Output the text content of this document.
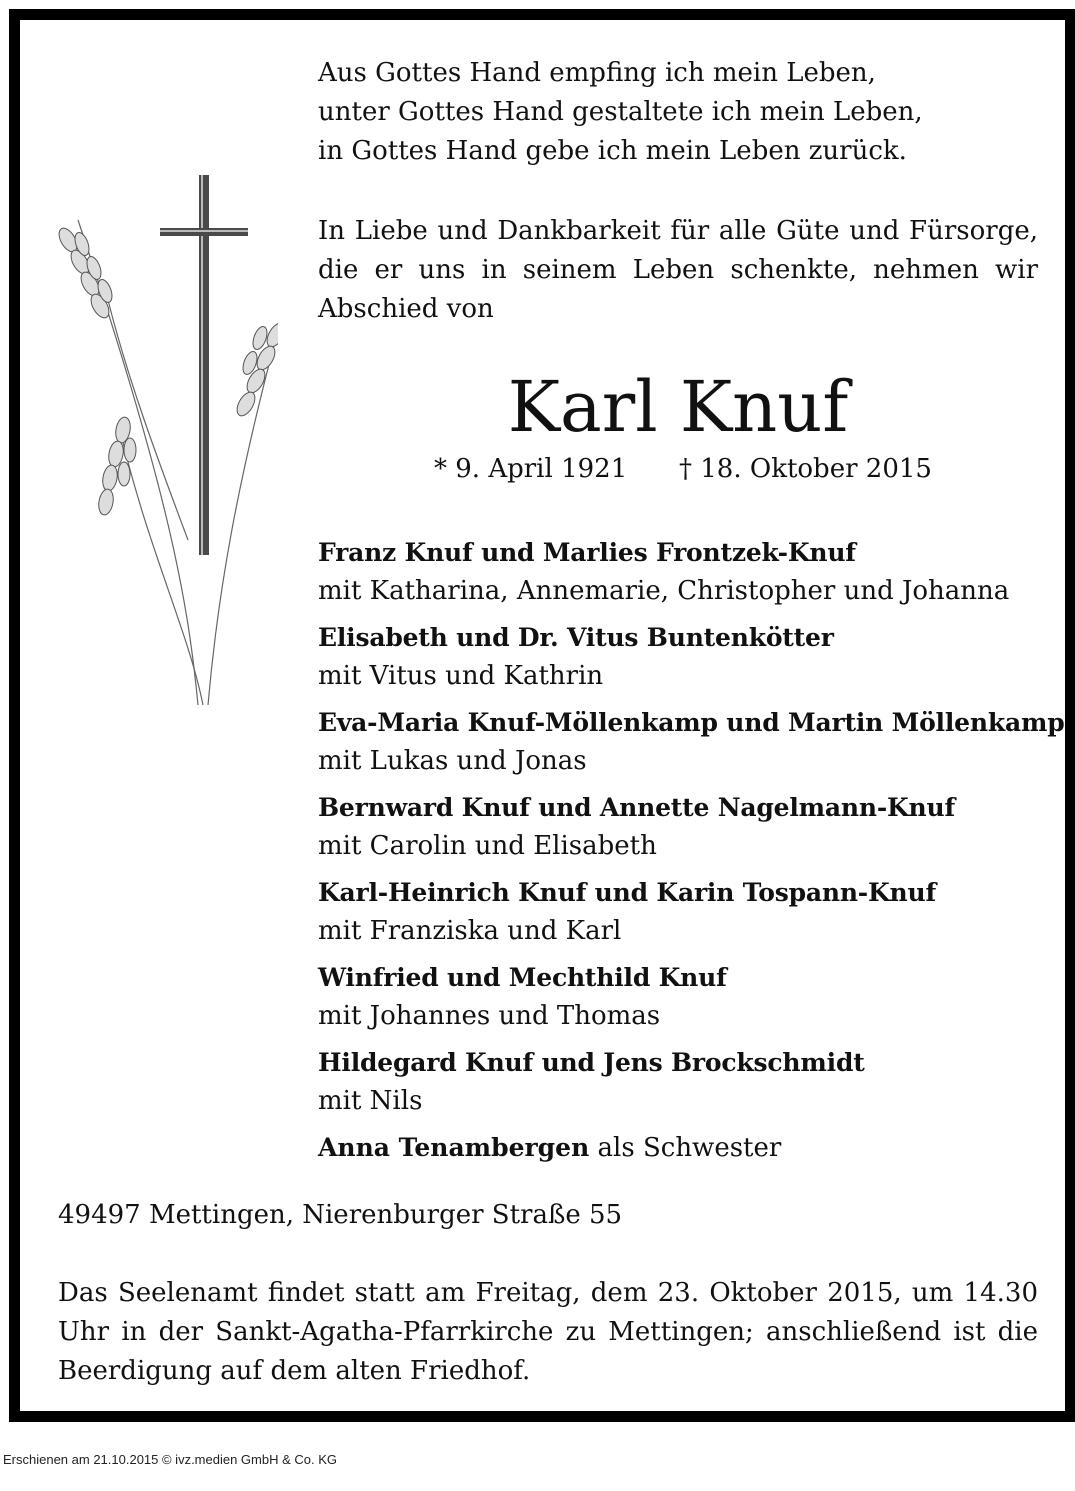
Aus Gottes Hand empfing ich mein Leben,
unter Gottes Hand gestaltete ich mein Leben,
in Gottes Hand gebe ich mein Leben zurück.
In Liebe und Dankbarkeit für alle Güte und Fürsorge, die er uns in seinem Leben schenkte, nehmen wir Abschied von
Karl Knuf
* 9. April 1921 † 18. Oktober 2015
Franz Knuf und Marlies Frontzek-Knuf
mit Katharina, Annemarie, Christopher und Johanna
Elisabeth und Dr. Vitus Buntenkötter
mit Vitus und Kathrin
Eva-Maria Knuf-Möllenkamp und Martin Möllenkamp
mit Lukas und Jonas
Bernward Knuf und Annette Nagelmann-Knuf
mit Carolin und Elisabeth
Karl-Heinrich Knuf und Karin Tospann-Knuf
mit Franziska und Karl
Winfried und Mechthild Knuf
mit Johannes und Thomas
Hildegard Knuf und Jens Brockschmidt
mit Nils
Anna Tenambergen als Schwester
49497 Mettingen, Nierenburger Straße 55
Das Seelenamt findet statt am Freitag, dem 23. Oktober 2015, um 14.30 Uhr in der Sankt-Agatha-Pfarrkirche zu Mettingen; anschließend ist die Beerdigung auf dem alten Friedhof.
Erschienen am 21.10.2015 © ivz.medien GmbH & Co. KG
